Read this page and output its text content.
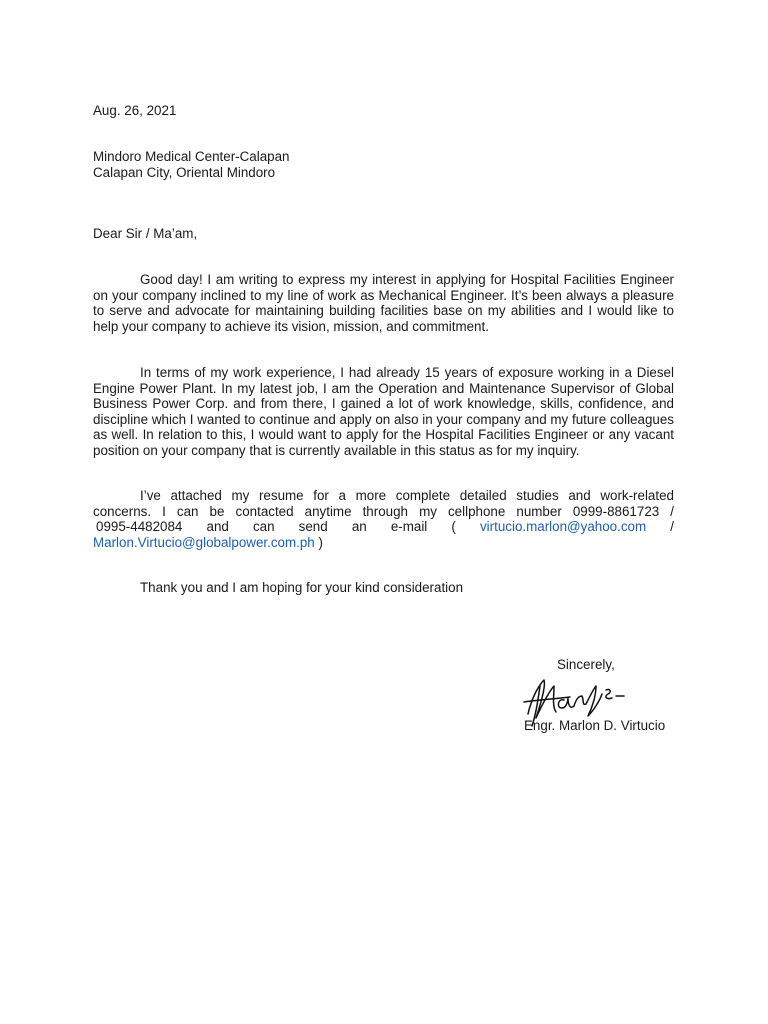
Aug. 26, 2021
Mindoro Medical Center-Calapan
Calapan City, Oriental Mindoro
Dear Sir / Ma’am,
Good day! I am writing to express my interest in applying for Hospital Facilities Engineer on your company inclined to my line of work as Mechanical Engineer. It’s been always a pleasure to serve and advocate for maintaining building facilities base on my abilities and I would like to help your company to achieve its vision, mission, and commitment.
In terms of my work experience, I had already 15 years of exposure working in a Diesel Engine Power Plant. In my latest job, I am the Operation and Maintenance Supervisor of Global Business Power Corp. and from there, I gained a lot of work knowledge, skills, confidence, and discipline which I wanted to continue and apply on also in your company and my future colleagues as well. In relation to this, I would want to apply for the Hospital Facilities Engineer or any vacant position on your company that is currently available in this status as for my inquiry.
I’ve attached my resume for a more complete detailed studies and work-related
concerns. I can be contacted anytime through my cellphone number 0999-8861723 /
0995-4482084 and can send an e-mail ( virtucio.marlon@yahoo.com /
Marlon.Virtucio@globalpower.com.ph )
Thank you and I am hoping for your kind consideration
Sincerely,
Engr. Marlon D. Virtucio
